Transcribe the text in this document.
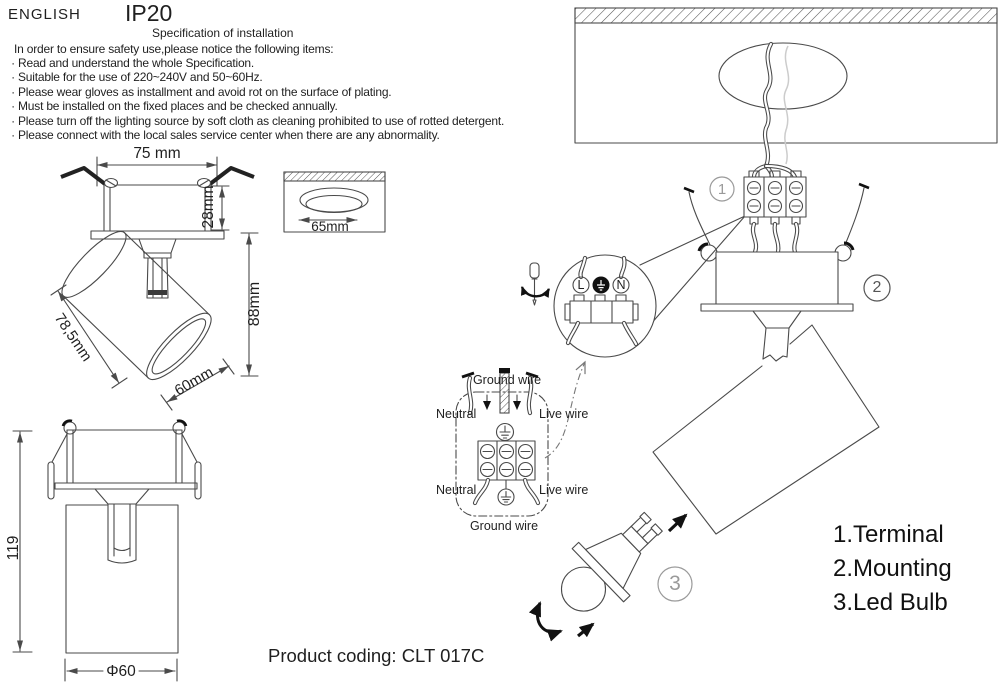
ENGLISH IP20
Specification of installation
In order to ensure safety use,please notice the following items:
· Read and understand the whole Specification.
· Suitable for the use of 220~240V and 50~60Hz.
· Please wear gloves as installment and avoid rot on the surface of plating.
· Must be installed on the fixed places and be checked annually.
· Please turn off the lighting source by soft cloth as cleaning prohibited to use of rotted detergent.
· Please connect with the local sales service center when there are any abnormality.
75 mm
28mm	65mm
78,5mm
60mm
88mm
119
Φ60
Ground wire
Neutral	Live wire
Neutral	Live wire
Ground wire
L	N
1
2
3
1.Terminal
2.Mounting
3.Led Bulb
Product coding: CLT 017C
